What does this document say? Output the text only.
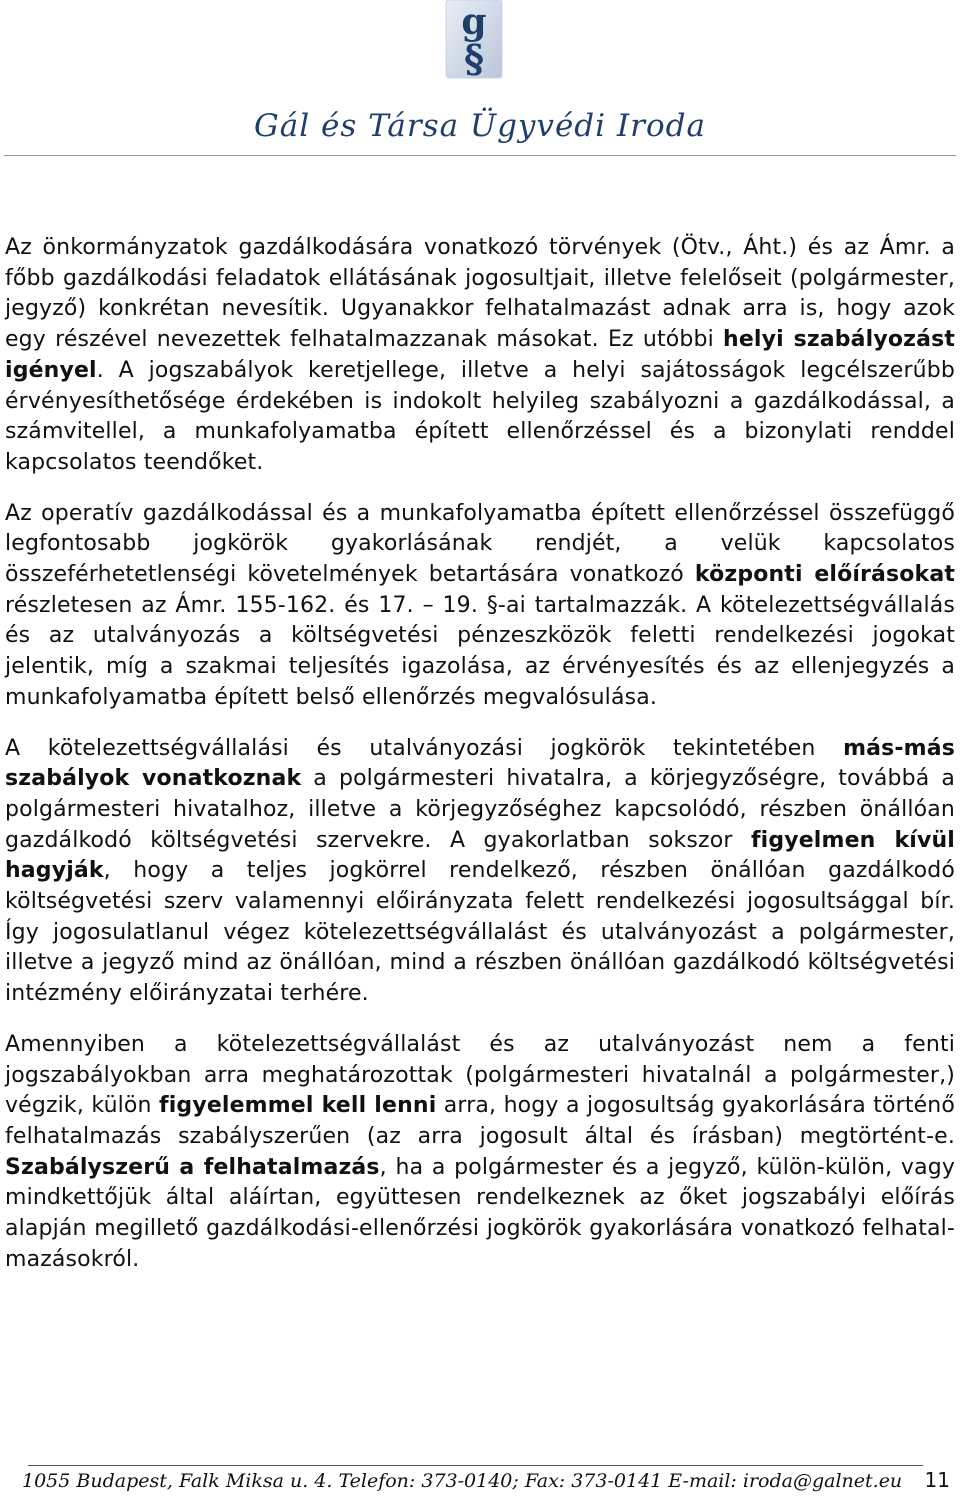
g
§
Gál és Társa Ügyvédi Iroda

Az önkormányzatok gazdálkodására vonatkozó törvények (Ötv., Áht.) és az Ámr. a főbb gazdálkodási feladatok ellátásának jogosultjait, illetve felelőseit (polgármester, jegyző) konkrétan nevesítik. Ugyanakkor felhatalmazást adnak arra is, hogy azok egy részével nevezettek felhatalmazzanak másokat. Ez utóbbi helyi szabályozást igényel. A jogszabályok keretjellege, illetve a helyi sajátosságok legcélszerűbb érvényesíthetősége érdekében is indokolt helyileg szabályozni a gazdálkodással, a számvitellel, a munkafolyamatba épített ellenőrzéssel és a bizonylati renddel kapcsolatos teendőket.

Az operatív gazdálkodással és a munkafolyamatba épített ellenőrzéssel összefüggő legfontosabb jogkörök gyakorlásának rendjét, a velük kapcsolatos összeférhetetlenségi követelmények betartására vonatkozó központi előírásokat részletesen az Ámr. 155-162. és 17. – 19. §-ai tartalmazzák. A kötelezettségvállalás és az utalványozás a költségvetési pénzeszközök feletti rendelkezési jogokat jelentik, míg a szakmai teljesítés igazolása, az érvényesítés és az ellenjegyzés a munkafolyamatba épített belső ellenőrzés megvalósulása.

A kötelezettségvállalási és utalványozási jogkörök tekintetében más-más szabályok vonatkoznak a polgármesteri hivatalra, a körjegyzőségre, továbbá a polgármesteri hivatalhoz, illetve a körjegyzőséghez kapcsolódó, részben önállóan gazdálkodó költségvetési szervekre. A gyakorlatban sokszor figyelmen kívül hagyják, hogy a teljes jogkörrel rendelkező, részben önállóan gazdálkodó költségvetési szerv valamennyi előirányzata felett rendelkezési jogosultsággal bír. Így jogosulatlanul végez kötelezettségvállalást és utalványozást a polgármester, illetve a jegyző mind az önállóan, mind a részben önállóan gazdálkodó költségvetési intézmény előirányzatai terhére.

Amennyiben a kötelezettségvállalást és az utalványozást nem a fenti jogszabályokban arra meghatározottak (polgármesteri hivatalnál a polgármester,) végzik, külön figyelemmel kell lenni arra, hogy a jogosultság gyakorlására történő felhatalmazás szabályszerűen (az arra jogosult által és írásban) megtörtént-e. Szabályszerű a felhatalmazás, ha a polgármester és a jegyző, külön-külön, vagy mindkettőjük által aláírtan, együttesen rendelkeznek az őket jogszabályi előírás alapján megillető gazdálkodási-ellenőrzési jogkörök gyakorlására vonatkozó felhatal-mazásokról.

1055 Budapest, Falk Miksa u. 4. Telefon: 373-0140; Fax: 373-0141 E-mail: iroda@galnet.eu 11
